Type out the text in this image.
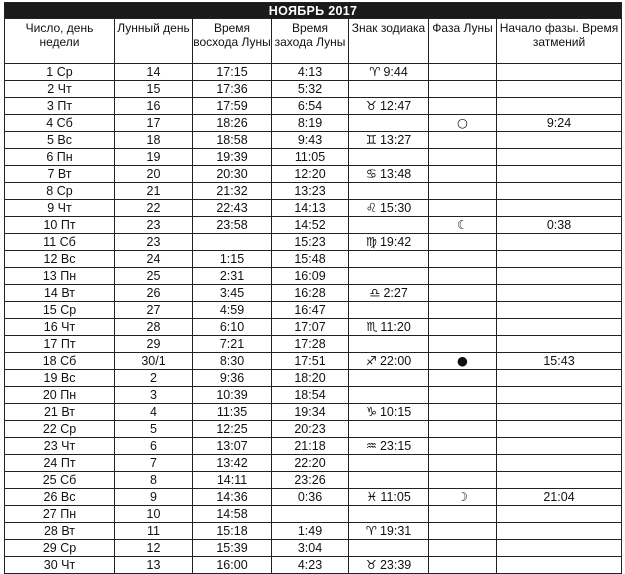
НОЯБРЬ 2017						
Число, день недели	Лунный день	Время восхода Луны	Время захода Луны	Знак зодиака	Фаза Луны	Начало фазы. Время затмений
1 Ср	14	17:15	4:13	♈ 9:44		
2 Чт	15	17:36	5:32			
3 Пт	16	17:59	6:54	♉ 12:47		
4 Сб	17	18:26	8:19		○	9:24
5 Вс	18	18:58	9:43	♊ 13:27		
6 Пн	19	19:39	11:05			
7 Вт	20	20:30	12:20	♋ 13:48		
8 Ср	21	21:32	13:23			
9 Чт	22	22:43	14:13	♌ 15:30		
10 Пт	23	23:58	14:52		☾	0:38
11 Сб	23		15:23	♍ 19:42		
12 Вс	24	1:15	15:48			
13 Пн	25	2:31	16:09			
14 Вт	26	3:45	16:28	♎ 2:27		
15 Ср	27	4:59	16:47			
16 Чт	28	6:10	17:07	♏ 11:20		
17 Пт	29	7:21	17:28			
18 Сб	30/1	8:30	17:51	♐ 22:00	●	15:43
19 Вс	2	9:36	18:20			
20 Пн	3	10:39	18:54			
21 Вт	4	11:35	19:34	♑ 10:15		
22 Ср	5	12:25	20:23			
23 Чт	6	13:07	21:18	♒ 23:15		
24 Пт	7	13:42	22:20			
25 Сб	8	14:11	23:26			
26 Вс	9	14:36	0:36	♓ 11:05	☽	21:04
27 Пн	10	14:58				
28 Вт	11	15:18	1:49	♈ 19:31		
29 Ср	12	15:39	3:04			
30 Чт	13	16:00	4:23	♉ 23:39		
